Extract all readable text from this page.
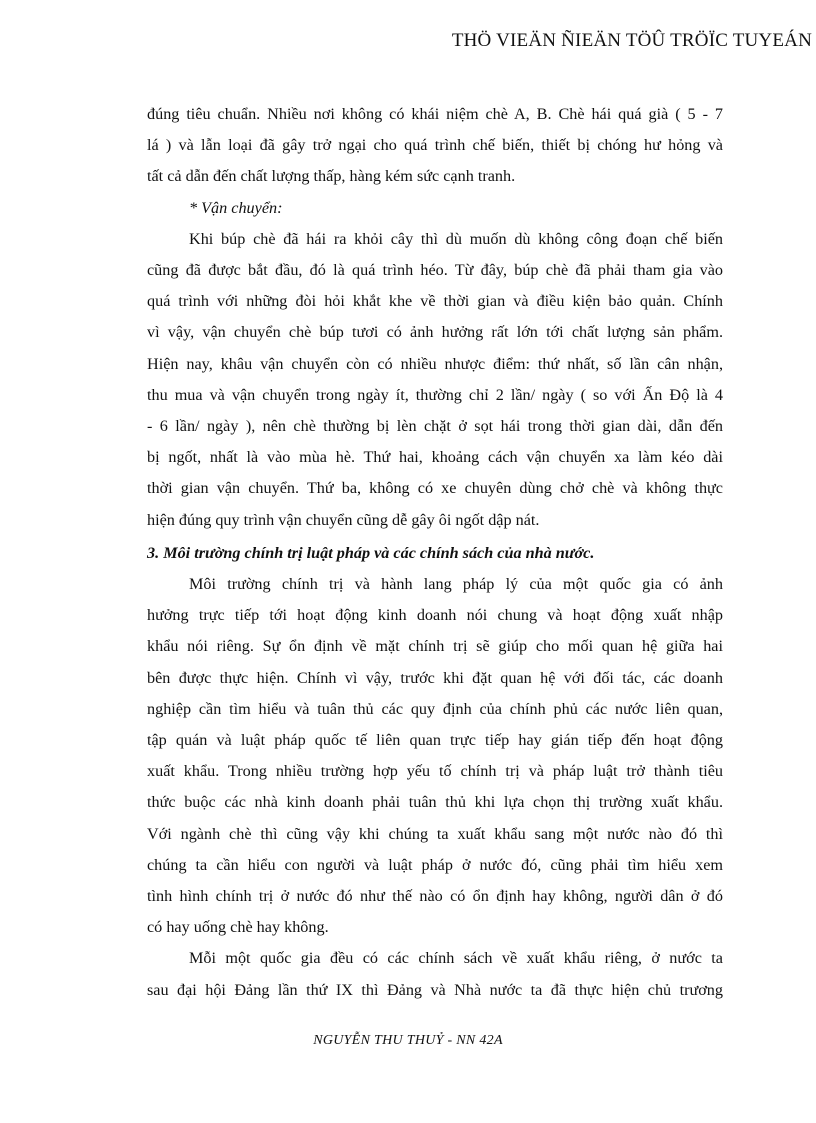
THÖ VIEÄN ÑIEÄN TÖÛ TRÖÏC TUYEÁN
đúng tiêu chuẩn. Nhiều nơi không có khái niệm chè A, B. Chè hái quá già ( 5 - 7
lá ) và lẫn loại đã gây trở ngại cho quá trình chế biến, thiết bị chóng hư hỏng và
tất cả dẫn đến chất lượng thấp, hàng kém sức cạnh tranh.
* Vận chuyển:
Khi búp chè đã hái ra khỏi cây thì dù muốn dù không công đoạn chế biến
cũng đã được bắt đầu, đó là quá trình héo. Từ đây, búp chè đã phải tham gia vào
quá trình với những đòi hỏi khắt khe về thời gian và điều kiện bảo quản. Chính
vì vậy, vận chuyển chè búp tươi có ảnh hưởng rất lớn tới chất lượng sản phẩm.
Hiện nay, khâu vận chuyển còn có nhiều nhược điểm: thứ nhất, số lần cân nhận,
thu mua và vận chuyển trong ngày ít, thường chỉ 2 lần/ ngày ( so với Ấn Độ là 4
- 6 lần/ ngày ), nên chè thường bị lèn chặt ở sọt hái trong thời gian dài, dẫn đến
bị ngốt, nhất là vào mùa hè. Thứ hai, khoảng cách vận chuyển xa làm kéo dài
thời gian vận chuyển. Thứ ba, không có xe chuyên dùng chở chè và không thực
hiện đúng quy trình vận chuyển cũng dễ gây ôi ngốt dập nát.
3. Môi trường chính trị luật pháp và các chính sách của nhà nước.
Môi trường chính trị và hành lang pháp lý của một quốc gia có ảnh
hưởng trực tiếp tới hoạt động kinh doanh nói chung và hoạt động xuất nhập
khẩu nói riêng. Sự ổn định về mặt chính trị sẽ giúp cho mối quan hệ giữa hai
bên được thực hiện. Chính vì vậy, trước khi đặt quan hệ với đối tác, các doanh
nghiệp cần tìm hiểu và tuân thủ các quy định của chính phủ các nước liên quan,
tập quán và luật pháp quốc tế liên quan trực tiếp hay gián tiếp đến hoạt động
xuất khẩu. Trong nhiều trường hợp yếu tố chính trị và pháp luật trở thành tiêu
thức buộc các nhà kinh doanh phải tuân thủ khi lựa chọn thị trường xuất khẩu.
Với ngành chè thì cũng vậy khi chúng ta xuất khẩu sang một nước nào đó thì
chúng ta cần hiểu con người và luật pháp ở nước đó, cũng phải tìm hiểu xem
tình hình chính trị ở nước đó như thế nào có ổn định hay không, người dân ở đó
có hay uống chè hay không.
Mỗi một quốc gia đều có các chính sách về xuất khẩu riêng, ở nước ta
sau đại hội Đảng lần thứ IX thì Đảng và Nhà nước ta đã thực hiện chủ trương
NGUYỄN THU THUỶ - NN 42A
